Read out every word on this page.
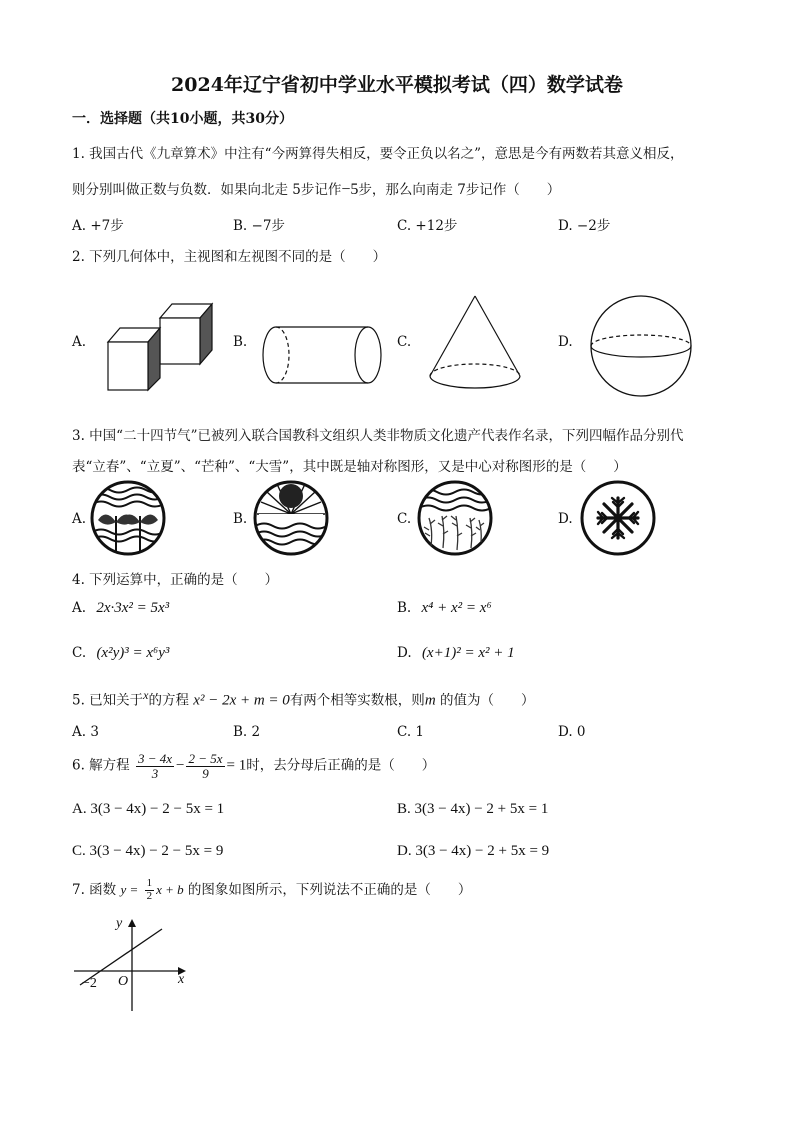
2024年辽宁省初中学业水平模拟考试（四）数学试卷
一．选择题（共10小题，共30分）
1. 我国古代《九章算术》中注有“今两算得失相反，要令正负以名之”，意思是今有两数若其意义相反，
则分别叫做正数与负数．如果向北走 5步记作−5步，那么向南走 7步记作（　　）
A. +7步	B. −7步	C. +12步	D. −2步
2. 下列几何体中，主视图和左视图不同的是（　　）
A.	B.	C.	D.
3. 中国“二十四节气”已被列入联合国教科文组织人类非物质文化遗产代表作名录，下列四幅作品分别代
表“立春”、“立夏”、“芒种”、“大雪”，其中既是轴对称图形，又是中心对称图形的是（　　）
A.	B.	C.	D.
4. 下列运算中，正确的是（　　）
A. 2x·3x² = 5x³	B. x⁴ + x² = x⁶
C. (x²y)³ = x⁶y³	D. (x+1)² = x² + 1
5. 已知关于x的方程 x² − 2x + m = 0有两个相等实数根，则m 的值为（　　）
A. 3	B. 2	C. 1	D. 0
6. 解方程 $\frac{3 - 4x}{3} - \frac{2 - 5x}{9} = 1$时，去分母后正确的是（　　）
A. 3(3 − 4x) − 2 − 5x = 1	B. 3(3 − 4x) − 2 + 5x = 1
C. 3(3 − 4x) − 2 − 5x = 9	D. 3(3 − 4x) − 2 + 5x = 9
7. 函数 $y = \frac{1}{2}$ x + b 的图象如图所示，下列说法不正确的是（　　）
y
x
O
−2
